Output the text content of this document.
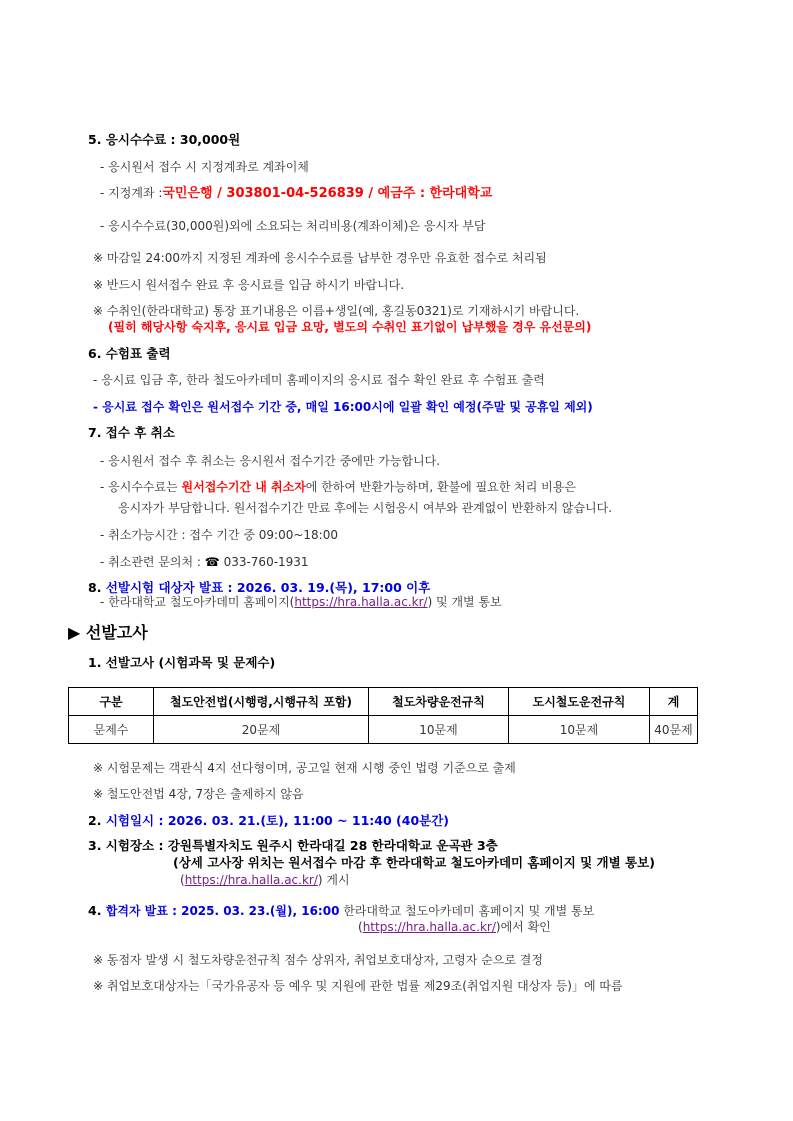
5. 응시수수료 : 30,000원
- 응시원서 접수 시 지정계좌로 계좌이체
- 지정계좌 :국민은행 / 303801-04-526839 / 예금주 : 한라대학교
- 응시수수료(30,000원)외에 소요되는 처리비용(계좌이체)은 응시자 부담
※ 마감일 24:00까지 지정된 계좌에 응시수수료를 납부한 경우만 유효한 접수로 처리됨
※ 반드시 원서접수 완료 후 응시료를 입금 하시기 바랍니다.
※ 수취인(한라대학교) 통장 표기내용은 이름+생일(예, 홍길동0321)로 기재하시기 바랍니다.
(필히 해당사항 숙지후, 응시료 입금 요망, 별도의 수취인 표기없이 납부했을 경우 유선문의)
6. 수험표 출력
- 응시료 입금 후, 한라 철도아카데미 홈페이지의 응시료 접수 확인 완료 후 수험표 출력
- 응시료 접수 확인은 원서접수 기간 중, 매일 16:00시에 일괄 확인 예정(주말 및 공휴일 제외)
7. 접수 후 취소
- 응시원서 접수 후 취소는 응시원서 접수기간 중에만 가능합니다.
- 응시수수료는 원서접수기간 내 취소자에 한하여 반환가능하며, 환불에 필요한 처리 비용은
응시자가 부담합니다. 원서접수기간 만료 후에는 시험응시 여부와 관계없이 반환하지 않습니다.
- 취소가능시간 : 접수 기간 중 09:00~18:00
- 취소관련 문의처 : ☎ 033-760-1931
8. 선발시험 대상자 발표 : 2026. 03. 19.(목), 17:00 이후
- 한라대학교 철도아카데미 홈페이지(https://hra.halla.ac.kr/) 및 개별 통보
▶ 선발고사
1. 선발고사 (시험과목 및 문제수)
구분	철도안전법(시행령,시행규칙 포함)	철도차량운전규칙	도시철도운전규칙	계
문제수	20문제	10문제	10문제	40문제
※ 시험문제는 객관식 4지 선다형이며, 공고일 현재 시행 중인 법령 기준으로 출제
※ 철도안전법 4장, 7장은 출제하지 않음
2. 시험일시 : 2026. 03. 21.(토), 11:00 ~ 11:40 (40분간)
3. 시험장소 : 강원특별자치도 원주시 한라대길 28 한라대학교 운곡관 3층
(상세 고사장 위치는 원서접수 마감 후 한라대학교 철도아카데미 홈페이지 및 개별 통보)
(https://hra.halla.ac.kr/) 게시
4. 합격자 발표 : 2025. 03. 23.(월), 16:00 한라대학교 철도아카데미 홈페이지 및 개별 통보
(https://hra.halla.ac.kr/)에서 확인
※ 동점자 발생 시 철도차량운전규칙 점수 상위자, 취업보호대상자, 고령자 순으로 결정
※ 취업보호대상자는「국가유공자 등 예우 및 지원에 관한 법률 제29조(취업지원 대상자 등)」에 따름
